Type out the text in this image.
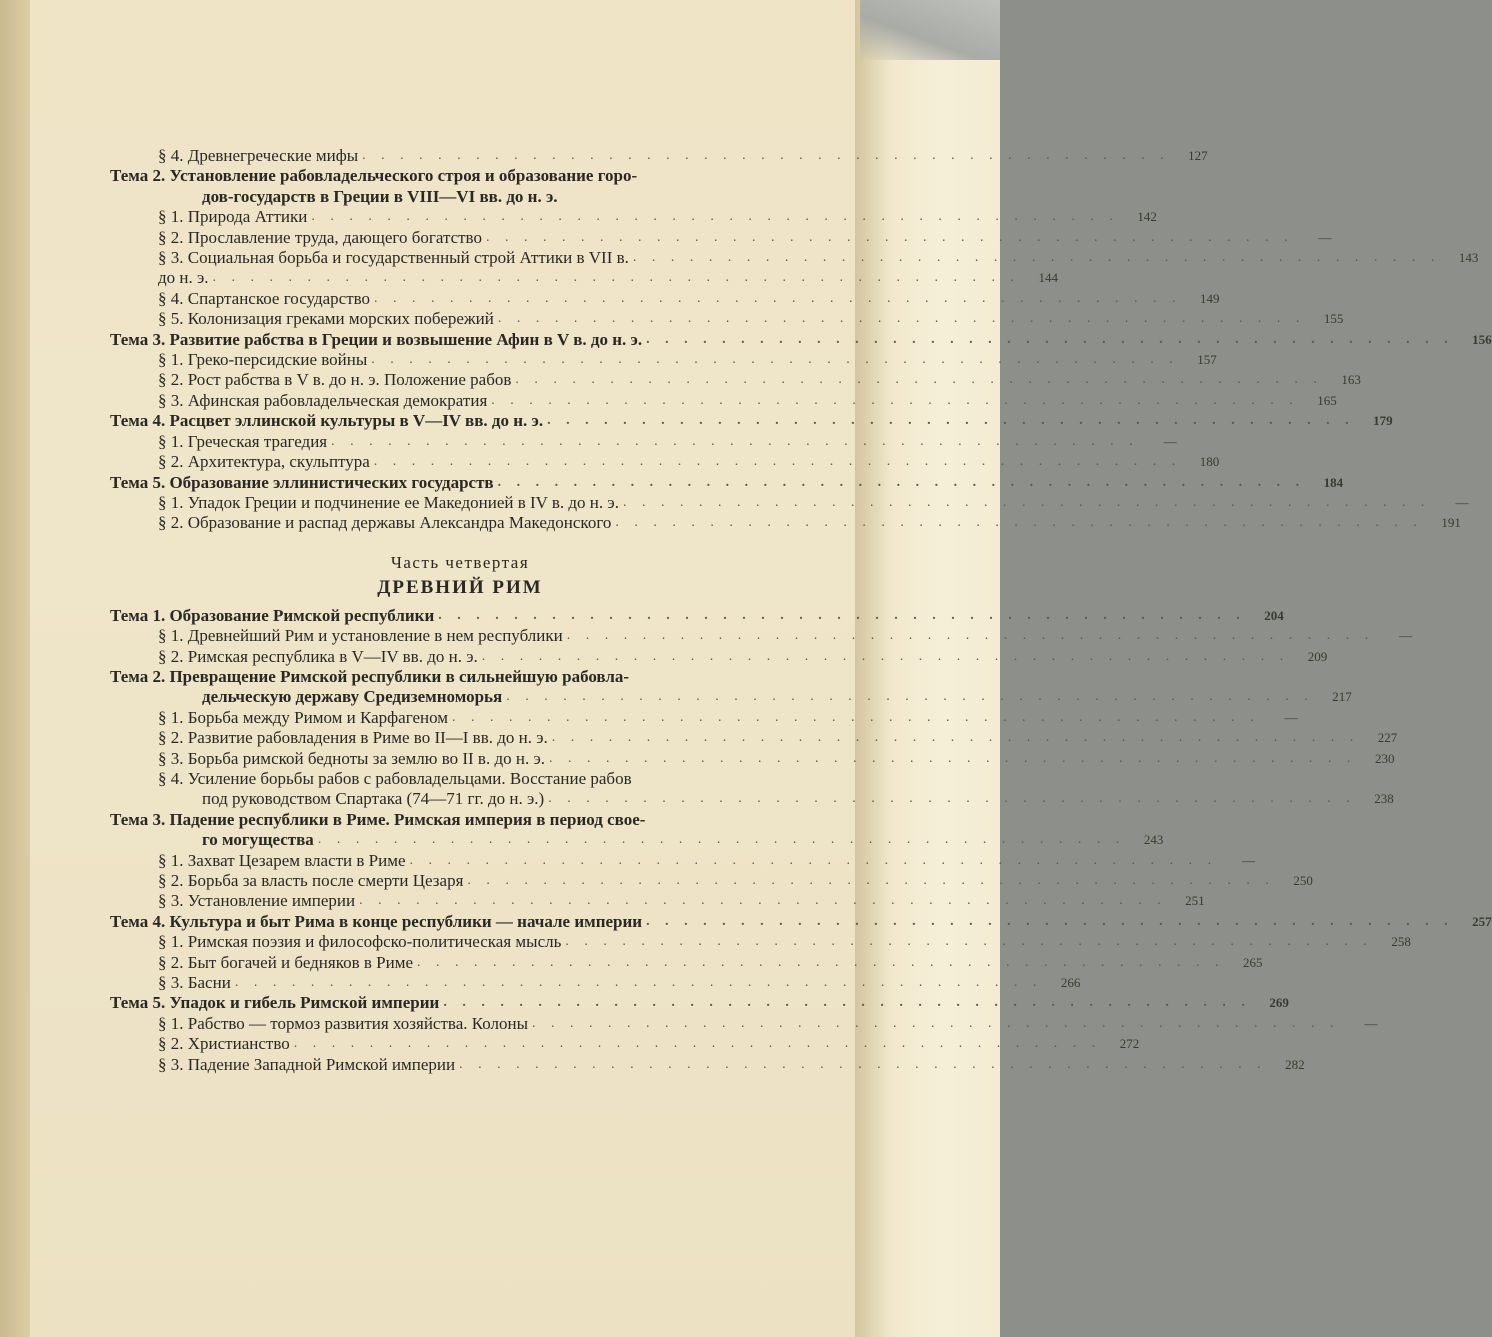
§ 4. Древнегреческие мифы . . . . . . . . . . . . . . . . . . . . . . . . . . . . . . . . . . . . . . . . . . .	127
Тема 2. Установление рабовладельческого строя и образование горо-
дов-государств в Греции в VIII—VI вв. до н. э.
§ 1. Природа Аттики . . . . . . . . . . . . . . . . . . . . . . . . . . . . . . . . . . . . . . . . . . .	142
§ 2. Прославление труда, дающего богатство . . . . . . . . . . . . . . . . . . . . . . . . . . . . . . . . . . . . . . . . . . .	—
§ 3. Социальная борьба и государственный строй Аттики в VII в. . . . . . . . . . . . . . . . . . . . . . . . . . . . . . . . . . . . . . . . . . . .	143
до н. э. . . . . . . . . . . . . . . . . . . . . . . . . . . . . . . . . . . . . . . . . . . .	144
§ 4. Спартанское государство . . . . . . . . . . . . . . . . . . . . . . . . . . . . . . . . . . . . . . . . . . .	149
§ 5. Колонизация греками морских побережий . . . . . . . . . . . . . . . . . . . . . . . . . . . . . . . . . . . . . . . . . . .	155
Тема 3. Развитие рабства в Греции и возвышение Афин в V в. до н. э. . . . . . . . . . . . . . . . . . . . . . . . . . . . . . . . . . . . . . . . . . . .	156
§ 1. Греко-персидские войны . . . . . . . . . . . . . . . . . . . . . . . . . . . . . . . . . . . . . . . . . . .	157
§ 2. Рост рабства в V в. до н. э. Положение рабов . . . . . . . . . . . . . . . . . . . . . . . . . . . . . . . . . . . . . . . . . . .	163
§ 3. Афинская рабовладельческая демократия . . . . . . . . . . . . . . . . . . . . . . . . . . . . . . . . . . . . . . . . . . .	165
Тема 4. Расцвет эллинской культуры в V—IV вв. до н. э. . . . . . . . . . . . . . . . . . . . . . . . . . . . . . . . . . . . . . . . . . . .	179
§ 1. Греческая трагедия . . . . . . . . . . . . . . . . . . . . . . . . . . . . . . . . . . . . . . . . . . .	—
§ 2. Архитектура, скульптура . . . . . . . . . . . . . . . . . . . . . . . . . . . . . . . . . . . . . . . . . . .	180
Тема 5. Образование эллинистических государств . . . . . . . . . . . . . . . . . . . . . . . . . . . . . . . . . . . . . . . . . . .	184
§ 1. Упадок Греции и подчинение ее Македонией в IV в. до н. э. . . . . . . . . . . . . . . . . . . . . . . . . . . . . . . . . . . . . . . . . . . .	—
§ 2. Образование и распад державы Александра Македонского . . . . . . . . . . . . . . . . . . . . . . . . . . . . . . . . . . . . . . . . . . .	191
Часть четвертая
ДРЕВНИЙ РИМ
Тема 1. Образование Римской республики . . . . . . . . . . . . . . . . . . . . . . . . . . . . . . . . . . . . . . . . . . .	204
§ 1. Древнейший Рим и установление в нем республики . . . . . . . . . . . . . . . . . . . . . . . . . . . . . . . . . . . . . . . . . . .	—
§ 2. Римская республика в V—IV вв. до н. э. . . . . . . . . . . . . . . . . . . . . . . . . . . . . . . . . . . . . . . . . . . .	209
Тема 2. Превращение Римской республики в сильнейшую рабовла-
дельческую державу Средиземноморья . . . . . . . . . . . . . . . . . . . . . . . . . . . . . . . . . . . . . . . . . . .	217
§ 1. Борьба между Римом и Карфагеном . . . . . . . . . . . . . . . . . . . . . . . . . . . . . . . . . . . . . . . . . . .	—
§ 2. Развитие рабовладения в Риме во II—I вв. до н. э. . . . . . . . . . . . . . . . . . . . . . . . . . . . . . . . . . . . . . . . . . . .	227
§ 3. Борьба римской бедноты за землю во II в. до н. э. . . . . . . . . . . . . . . . . . . . . . . . . . . . . . . . . . . . . . . . . . . .	230
§ 4. Усиление борьбы рабов с рабовладельцами. Восстание рабов
под руководством Спартака (74—71 гг. до н. э.) . . . . . . . . . . . . . . . . . . . . . . . . . . . . . . . . . . . . . . . . . . .	238
Тема 3. Падение республики в Риме. Римская империя в период свое-
го могущества . . . . . . . . . . . . . . . . . . . . . . . . . . . . . . . . . . . . . . . . . . .	243
§ 1. Захват Цезарем власти в Риме . . . . . . . . . . . . . . . . . . . . . . . . . . . . . . . . . . . . . . . . . . .	—
§ 2. Борьба за власть после смерти Цезаря . . . . . . . . . . . . . . . . . . . . . . . . . . . . . . . . . . . . . . . . . . .	250
§ 3. Установление империи . . . . . . . . . . . . . . . . . . . . . . . . . . . . . . . . . . . . . . . . . . .	251
Тема 4. Культура и быт Рима в конце республики — начале империи . . . . . . . . . . . . . . . . . . . . . . . . . . . . . . . . . . . . . . . . . . .	257
§ 1. Римская поэзия и философско-политическая мысль . . . . . . . . . . . . . . . . . . . . . . . . . . . . . . . . . . . . . . . . . . .	258
§ 2. Быт богачей и бедняков в Риме . . . . . . . . . . . . . . . . . . . . . . . . . . . . . . . . . . . . . . . . . . .	265
§ 3. Басни . . . . . . . . . . . . . . . . . . . . . . . . . . . . . . . . . . . . . . . . . . .	266
Тема 5. Упадок и гибель Римской империи . . . . . . . . . . . . . . . . . . . . . . . . . . . . . . . . . . . . . . . . . . .	269
§ 1. Рабство — тормоз развития хозяйства. Колоны . . . . . . . . . . . . . . . . . . . . . . . . . . . . . . . . . . . . . . . . . . .	—
§ 2. Христианство . . . . . . . . . . . . . . . . . . . . . . . . . . . . . . . . . . . . . . . . . . .	272
§ 3. Падение Западной Римской империи . . . . . . . . . . . . . . . . . . . . . . . . . . . . . . . . . . . . . . . . . . .	282
